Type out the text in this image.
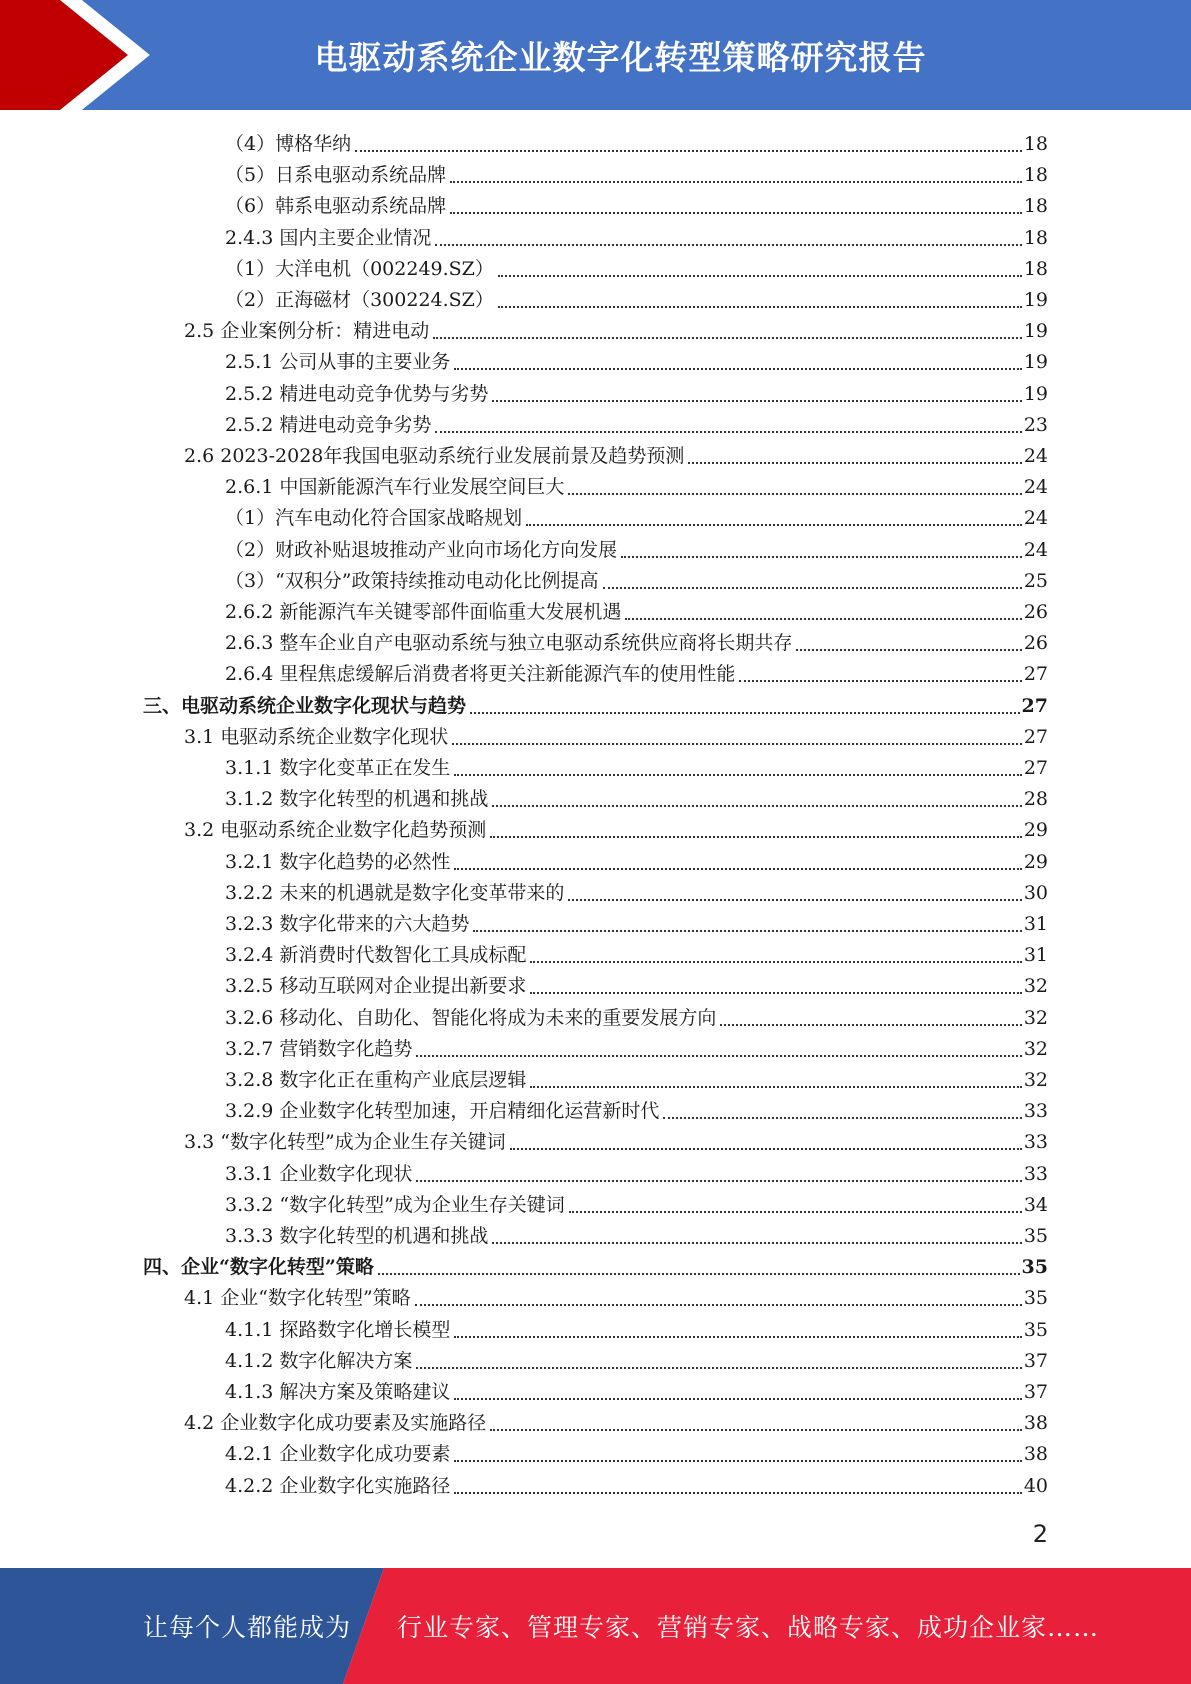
电驱动系统企业数字化转型策略研究报告
（4）博格华纳	18
（5）日系电驱动系统品牌	18
（6）韩系电驱动系统品牌	18
2.4.3 国内主要企业情况	18
（1）大洋电机（002249.SZ）	18
（2）正海磁材（300224.SZ）	19
2.5 企业案例分析：精进电动	19
2.5.1 公司从事的主要业务	19
2.5.2 精进电动竞争优势与劣势	19
2.5.2 精进电动竞争劣势	23
2.6 2023-2028年我国电驱动系统行业发展前景及趋势预测	24
2.6.1 中国新能源汽车行业发展空间巨大	24
（1）汽车电动化符合国家战略规划	24
（2）财政补贴退坡推动产业向市场化方向发展	24
（3）“双积分”政策持续推动电动化比例提高	25
2.6.2 新能源汽车关键零部件面临重大发展机遇	26
2.6.3 整车企业自产电驱动系统与独立电驱动系统供应商将长期共存	26
2.6.4 里程焦虑缓解后消费者将更关注新能源汽车的使用性能	27
三、电驱动系统企业数字化现状与趋势	27
3.1 电驱动系统企业数字化现状	27
3.1.1 数字化变革正在发生	27
3.1.2 数字化转型的机遇和挑战	28
3.2 电驱动系统企业数字化趋势预测	29
3.2.1 数字化趋势的必然性	29
3.2.2 未来的机遇就是数字化变革带来的	30
3.2.3 数字化带来的六大趋势	31
3.2.4 新消费时代数智化工具成标配	31
3.2.5 移动互联网对企业提出新要求	32
3.2.6 移动化、自助化、智能化将成为未来的重要发展方向	32
3.2.7 营销数字化趋势	32
3.2.8 数字化正在重构产业底层逻辑	32
3.2.9 企业数字化转型加速，开启精细化运营新时代	33
3.3 “数字化转型”成为企业生存关键词	33
3.3.1 企业数字化现状	33
3.3.2 “数字化转型”成为企业生存关键词	34
3.3.3 数字化转型的机遇和挑战	35
四、企业“数字化转型”策略	35
4.1 企业“数字化转型”策略	35
4.1.1 探路数字化增长模型	35
4.1.2 数字化解决方案	37
4.1.3 解决方案及策略建议	37
4.2 企业数字化成功要素及实施路径	38
4.2.1 企业数字化成功要素	38
4.2.2 企业数字化实施路径	40
2
让每个人都能成为 行业专家、管理专家、营销专家、战略专家、成功企业家……
